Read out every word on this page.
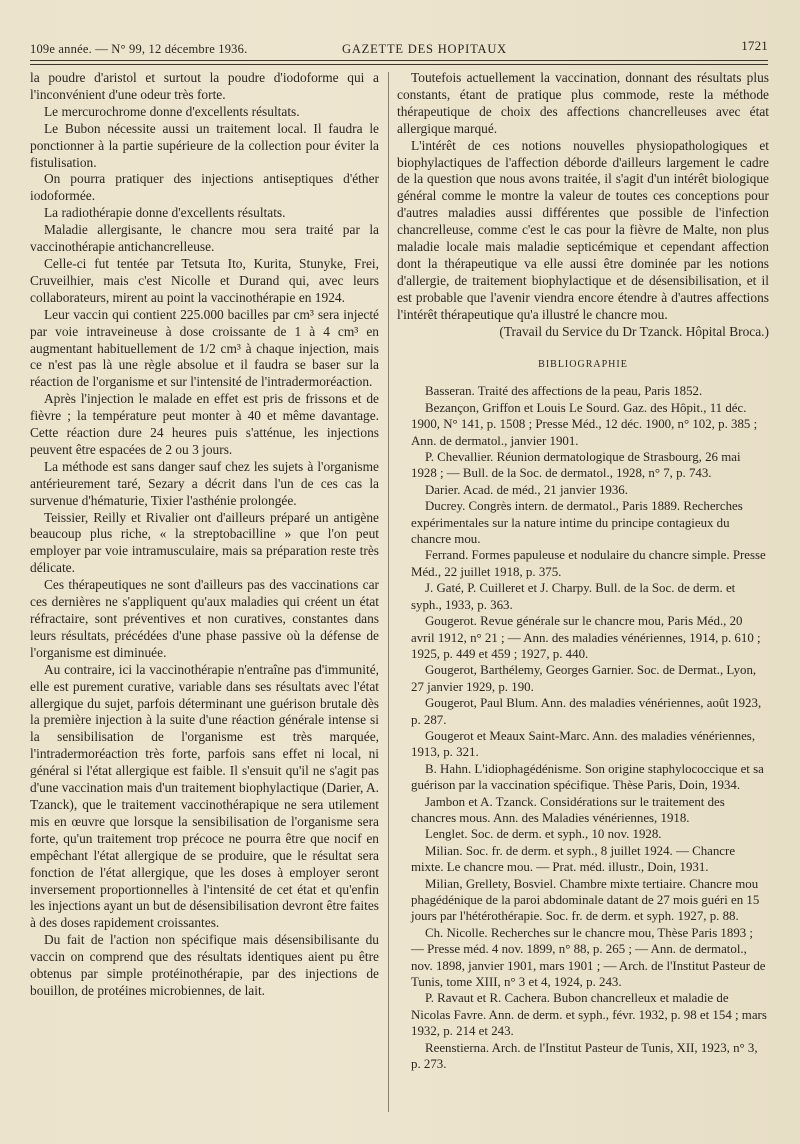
109e année. — N° 99, 12 décembre 1936.	GAZETTE DES HOPITAUX	1721

la poudre d'aristol et surtout la poudre d'iodoforme qui a l'inconvénient d'une odeur très forte.

Le mercurochrome donne d'excellents résultats.

Le Bubon nécessite aussi un traitement local. Il faudra le ponctionner à la partie supérieure de la collection pour éviter la fistulisation.

On pourra pratiquer des injections antiseptiques d'éther iodoformée.

La radiothérapie donne d'excellents résultats.

Maladie allergisante, le chancre mou sera traité par la vaccinothérapie antichancrelleuse.

Celle-ci fut tentée par Tetsuta Ito, Kurita, Stunyke, Frei, Cruveilhier, mais c'est Nicolle et Durand qui, avec leurs collaborateurs, mirent au point la vaccinothérapie en 1924.

Leur vaccin qui contient 225.000 bacilles par cm³ sera injecté par voie intraveineuse à dose croissante de 1 à 4 cm³ en augmentant habituellement de 1/2 cm³ à chaque injection, mais ce n'est pas là une règle absolue et il faudra se baser sur la réaction de l'organisme et sur l'intensité de l'intradermoréaction.

Après l'injection le malade en effet est pris de frissons et de fièvre ; la température peut monter à 40 et même davantage. Cette réaction dure 24 heures puis s'atténue, les injections peuvent être espacées de 2 ou 3 jours.

La méthode est sans danger sauf chez les sujets à l'organisme antérieurement taré, Sezary a décrit dans l'un de ces cas la survenue d'hématurie, Tixier l'asthénie prolongée.

Teissier, Reilly et Rivalier ont d'ailleurs préparé un antigène beaucoup plus riche, « la streptobacilline » que l'on peut employer par voie intramusculaire, mais sa préparation reste très délicate.

Ces thérapeutiques ne sont d'ailleurs pas des vaccinations car ces dernières ne s'appliquent qu'aux maladies qui créent un état réfractaire, sont préventives et non curatives, constantes dans leurs résultats, précédées d'une phase passive où la défense de l'organisme est diminuée.

Au contraire, ici la vaccinothérapie n'entraîne pas d'immunité, elle est purement curative, variable dans ses résultats avec l'état allergique du sujet, parfois déterminant une guérison brutale dès la première injection à la suite d'une réaction générale intense si la sensibilisation de l'organisme est très marquée, l'intradermoréaction très forte, parfois sans effet ni local, ni général si l'état allergique est faible. Il s'ensuit qu'il ne s'agit pas d'une vaccination mais d'un traitement biophylactique (Darier, A. Tzanck), que le traitement vaccinothérapique ne sera utilement mis en œuvre que lorsque la sensibilisation de l'organisme sera forte, qu'un traitement trop précoce ne pourra être que nocif en empêchant l'état allergique de se produire, que le résultat sera fonction de l'état allergique, que les doses à employer seront inversement proportionnelles à l'intensité de cet état et qu'enfin les injections ayant un but de désensibilisation devront être faites à des doses rapidement croissantes.

Du fait de l'action non spécifique mais désensibilisante du vaccin on comprend que des résultats identiques aient pu être obtenus par simple protéinothérapie, par des injections de bouillon, de protéines microbiennes, de lait.

Toutefois actuellement la vaccination, donnant des résultats plus constants, étant de pratique plus commode, reste la méthode thérapeutique de choix des affections chancrelleuses avec état allergique marqué.

L'intérêt de ces notions nouvelles physiopathologiques et biophylactiques de l'affection déborde d'ailleurs largement le cadre de la question que nous avons traitée, il s'agit d'un intérêt biologique général comme le montre la valeur de toutes ces conceptions pour d'autres maladies aussi différentes que possible de l'infection chancrelleuse, comme c'est le cas pour la fièvre de Malte, non plus maladie locale mais maladie septicémique et cependant affection dont la thérapeutique va elle aussi être dominée par les notions d'allergie, de traitement biophylactique et de désensibilisation, et il est probable que l'avenir viendra encore étendre à d'autres affections l'intérêt thérapeutique qu'a illustré le chancre mou.

(Travail du Service du Dr Tzanck. Hôpital Broca.)

BIBLIOGRAPHIE

Basseran. Traité des affections de la peau, Paris 1852.

Bezançon, Griffon et Louis Le Sourd. Gaz. des Hôpit., 11 déc. 1900, N° 141, p. 1508 ; Presse Méd., 12 déc. 1900, n° 102, p. 385 ; Ann. de dermatol., janvier 1901.

P. Chevallier. Réunion dermatologique de Strasbourg, 26 mai 1928 ; — Bull. de la Soc. de dermatol., 1928, n° 7, p. 743.

Darier. Acad. de méd., 21 janvier 1936.

Ducrey. Congrès intern. de dermatol., Paris 1889. Recherches expérimentales sur la nature intime du principe contagieux du chancre mou.

Ferrand. Formes papuleuse et nodulaire du chancre simple. Presse Méd., 22 juillet 1918, p. 375.

J. Gaté, P. Cuilleret et J. Charpy. Bull. de la Soc. de derm. et syph., 1933, p. 363.

Gougerot. Revue générale sur le chancre mou, Paris Méd., 20 avril 1912, n° 21 ; — Ann. des maladies vénériennes, 1914, p. 610 ; 1925, p. 449 et 459 ; 1927, p. 440.

Gougerot, Barthélemy, Georges Garnier. Soc. de Dermat., Lyon, 27 janvier 1929, p. 190.

Gougerot, Paul Blum. Ann. des maladies vénériennes, août 1923, p. 287.

Gougerot et Meaux Saint-Marc. Ann. des maladies vénériennes, 1913, p. 321.

B. Hahn. L'idiophagédénisme. Son origine staphylococcique et sa guérison par la vaccination spécifique. Thèse Paris, Doin, 1934.

Jambon et A. Tzanck. Considérations sur le traitement des chancres mous. Ann. des Maladies vénériennes, 1918.

Lenglet. Soc. de derm. et syph., 10 nov. 1928.

Milian. Soc. fr. de derm. et syph., 8 juillet 1924. — Chancre mixte. Le chancre mou. — Prat. méd. illustr., Doin, 1931.

Milian, Grellety, Bosviel. Chambre mixte tertiaire. Chancre mou phagédénique de la paroi abdominale datant de 27 mois guéri en 15 jours par l'hétérothérapie. Soc. fr. de derm. et syph. 1927, p. 88.

Ch. Nicolle. Recherches sur le chancre mou, Thèse Paris 1893 ; — Presse méd. 4 nov. 1899, n° 88, p. 265 ; — Ann. de dermatol., nov. 1898, janvier 1901, mars 1901 ; — Arch. de l'Institut Pasteur de Tunis, tome XIII, n° 3 et 4, 1924, p. 243.

P. Ravaut et R. Cachera. Bubon chancrelleux et maladie de Nicolas Favre. Ann. de derm. et syph., févr. 1932, p. 98 et 154 ; mars 1932, p. 214 et 243.

Reenstierna. Arch. de l'Institut Pasteur de Tunis, XII, 1923, n° 3, p. 273.
